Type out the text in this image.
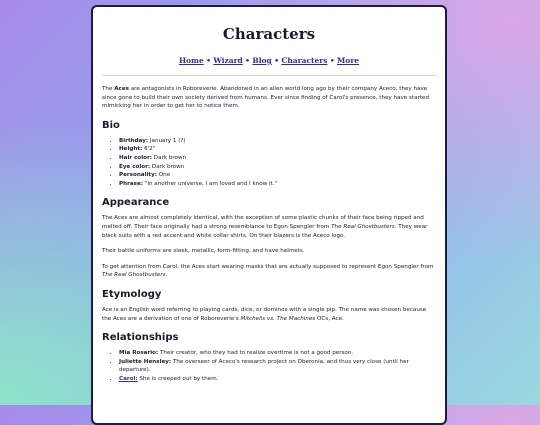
Characters
Home • Wizard • Blog • Characters • More

The Aces are antagonists in Roboreverie. Abandoned in an alien world long ago by their company Aceco, they have since gone to build their own society derived from humans. Ever since finding of Carol's presence, they have started mimicking her in order to get her to notice them.

Bio
• Birthday: January 1 (?)
• Height: 6'2"
• Hair color: Dark brown
• Eye color: Dark brown
• Personality: One
• Phrase: "In another universe, I am loved and I know it."
Appearance

The Aces are almost completely identical, with the exception of some plastic chunks of their face being ripped and melted off. Their face originally had a strong resemblance to Egon Spengler from The Real Ghostbusters. They wear black suits with a red accent and white collar shirts. On their blazers is the Aceco logo.

Their battle uniforms are sleek, metallic, form-fitting, and have helmets.

To get attention from Carol, the Aces start wearing masks that are actually supposed to represent Egon Spengler from The Real Ghostbusters.

Etymology

Ace is an English word referring to playing cards, dice, or dominos with a single pip. The name was chosen because the Aces are a derivation of one of Roboreverie's Mitchells vs. The Machines OCs, Ace.

Relationships
• Mia Rosario: Their creator, who they had to realize overtime is not a good person.
• Juliette Hensley: The overseer of Aceco's research project on Oberonia, and thus very close (until her departure).
• Carol: She is creeped out by them.
